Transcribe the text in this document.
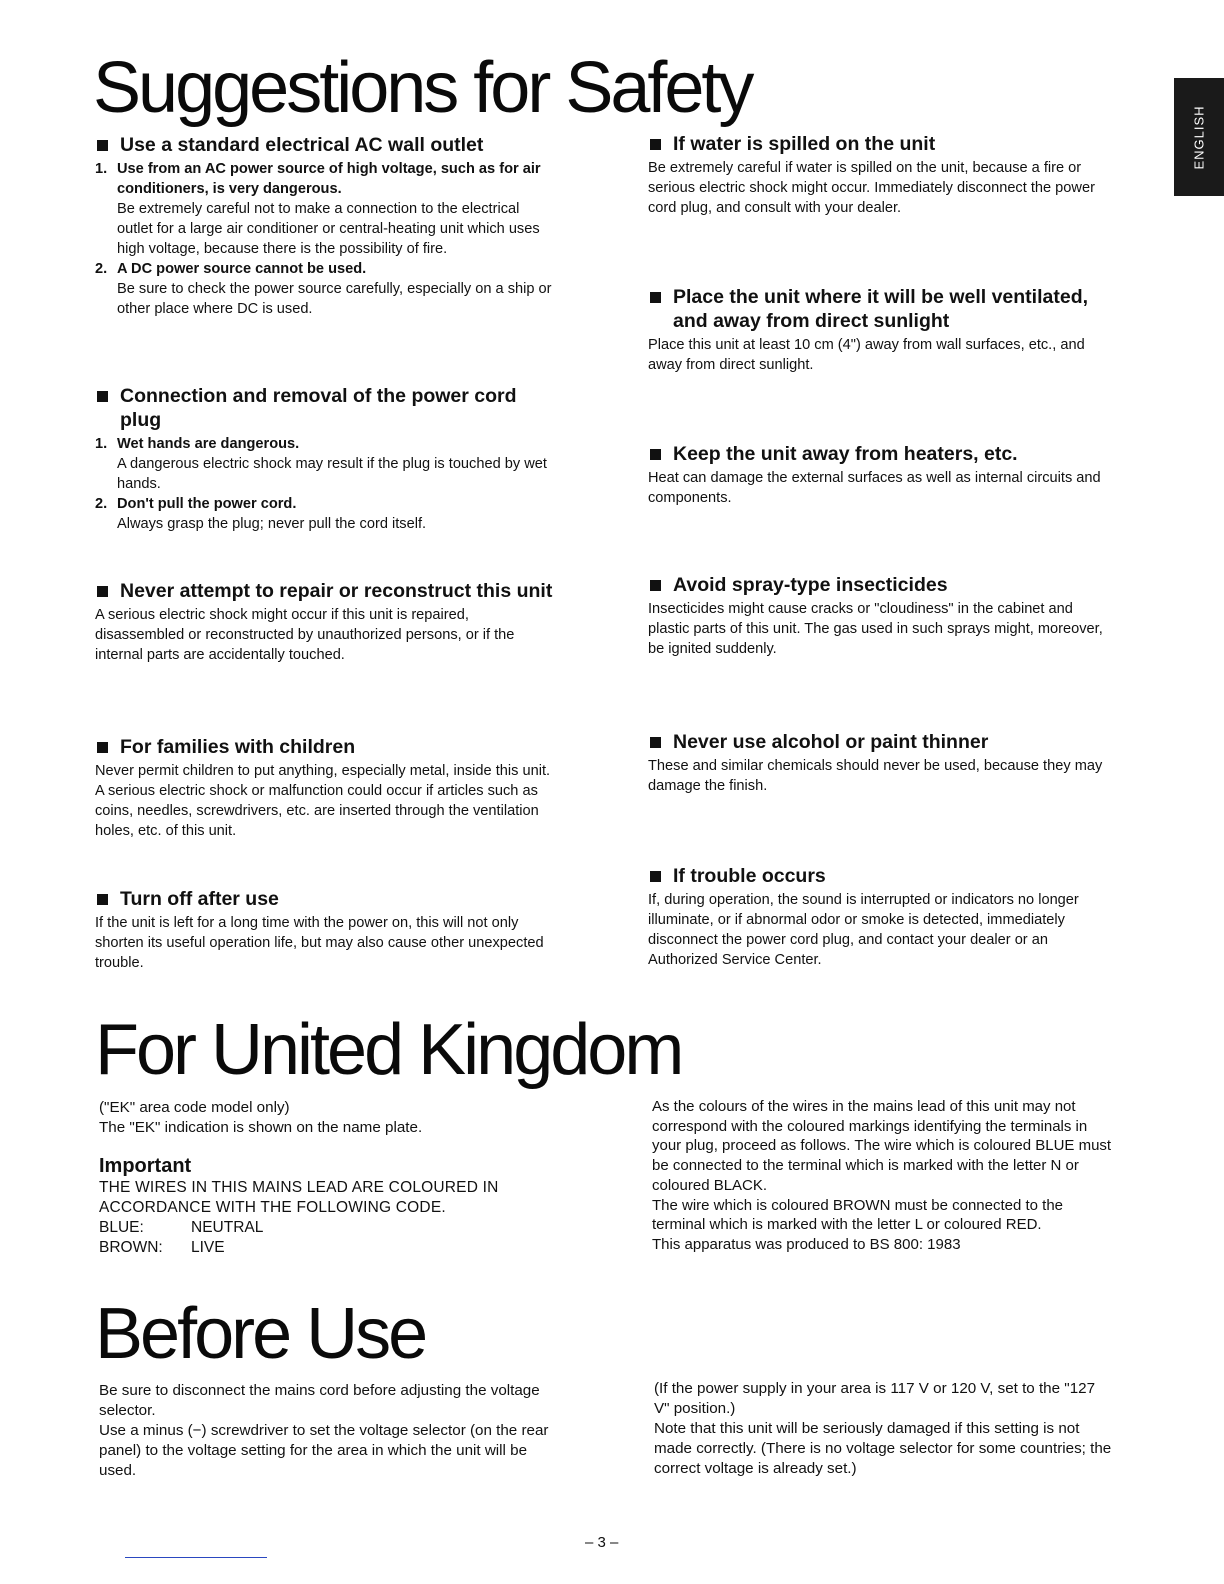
ENGLISH
Suggestions for Safety
Use a standard electrical AC wall outlet
1. Use from an AC power source of high voltage, such as for air conditioners, is very dangerous.
Be extremely careful not to make a connection to the electrical outlet for a large air conditioner or central-heating unit which uses high voltage, because there is the possibility of fire.
2. A DC power source cannot be used.
Be sure to check the power source carefully, especially on a ship or other place where DC is used.
Connection and removal of the power cord plug
1. Wet hands are dangerous.
A dangerous electric shock may result if the plug is touched by wet hands.
2. Don't pull the power cord.
Always grasp the plug; never pull the cord itself.
Never attempt to repair or reconstruct this unit

A serious electric shock might occur if this unit is repaired, disassembled or reconstructed by unauthorized persons, or if the internal parts are accidentally touched.

For families with children

Never permit children to put anything, especially metal, inside this unit. A serious electric shock or malfunction could occur if articles such as coins, needles, screwdrivers, etc. are inserted through the ventilation holes, etc. of this unit.

Turn off after use

If the unit is left for a long time with the power on, this will not only shorten its useful operation life, but may also cause other unexpected trouble.

If water is spilled on the unit

Be extremely careful if water is spilled on the unit, because a fire or serious electric shock might occur. Immediately disconnect the power cord plug, and consult with your dealer.

Place the unit where it will be well ventilated, and away from direct sunlight

Place this unit at least 10 cm (4") away from wall surfaces, etc., and away from direct sunlight.

Keep the unit away from heaters, etc.

Heat can damage the external surfaces as well as internal circuits and components.

Avoid spray-type insecticides

Insecticides might cause cracks or "cloudiness" in the cabinet and plastic parts of this unit. The gas used in such sprays might, moreover, be ignited suddenly.

Never use alcohol or paint thinner

These and similar chemicals should never be used, because they may damage the finish.

If trouble occurs

If, during operation, the sound is interrupted or indicators no longer illuminate, or if abnormal odor or smoke is detected, immediately disconnect the power cord plug, and contact your dealer or an Authorized Service Center.

For United Kingdom

("EK" area code model only)

The "EK" indication is shown on the name plate.

Important

THE WIRES IN THIS MAINS LEAD ARE COLOURED IN ACCORDANCE WITH THE FOLLOWING CODE.

BLUE:	NEUTRAL
BROWN:	LIVE

As the colours of the wires in the mains lead of this unit may not correspond with the coloured markings identifying the terminals in your plug, proceed as follows. The wire which is coloured BLUE must be connected to the terminal which is marked with the letter N or coloured BLACK.

The wire which is coloured BROWN must be connected to the terminal which is marked with the letter L or coloured RED.

This apparatus was produced to BS 800: 1983

Before Use

Be sure to disconnect the mains cord before adjusting the voltage selector.

Use a minus (−) screwdriver to set the voltage selector (on the rear panel) to the voltage setting for the area in which the unit will be used.

(If the power supply in your area is 117 V or 120 V, set to the "127 V" position.)

Note that this unit will be seriously damaged if this setting is not made correctly. (There is no voltage selector for some countries; the correct voltage is already set.)

– 3 –
